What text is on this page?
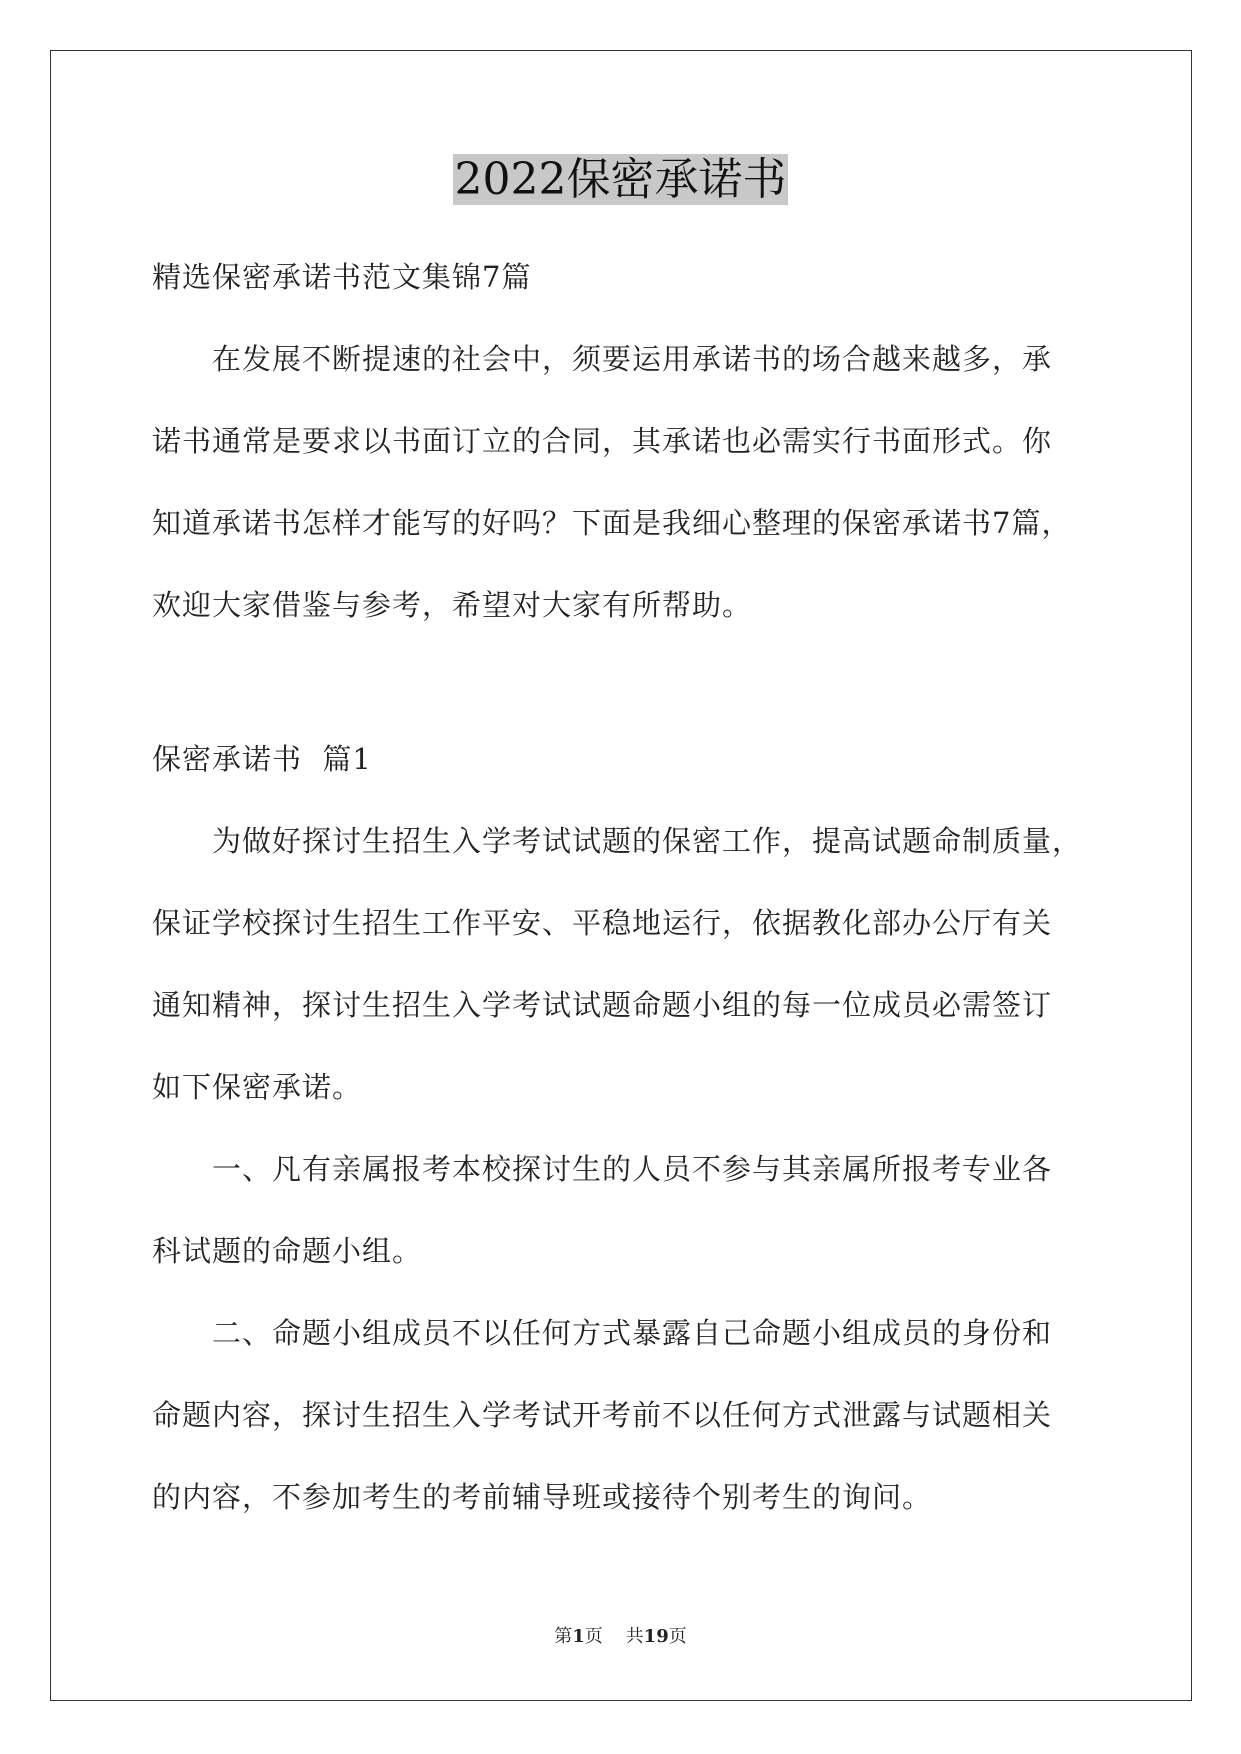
2022保密承诺书
精选保密承诺书范文集锦7篇
在发展不断提速的社会中，须要运用承诺书的场合越来越多，承
诺书通常是要求以书面订立的合同，其承诺也必需实行书面形式。你
知道承诺书怎样才能写的好吗？下面是我细心整理的保密承诺书7篇，
欢迎大家借鉴与参考，希望对大家有所帮助。
保密承诺书  篇1
为做好探讨生招生入学考试试题的保密工作，提高试题命制质量，
保证学校探讨生招生工作平安、平稳地运行，依据教化部办公厅有关
通知精神，探讨生招生入学考试试题命题小组的每一位成员必需签订
如下保密承诺。
一、凡有亲属报考本校探讨生的人员不参与其亲属所报考专业各
科试题的命题小组。
二、命题小组成员不以任何方式暴露自己命题小组成员的身份和
命题内容，探讨生招生入学考试开考前不以任何方式泄露与试题相关
的内容，不参加考生的考前辅导班或接待个别考生的询问。
第1页    共19页
